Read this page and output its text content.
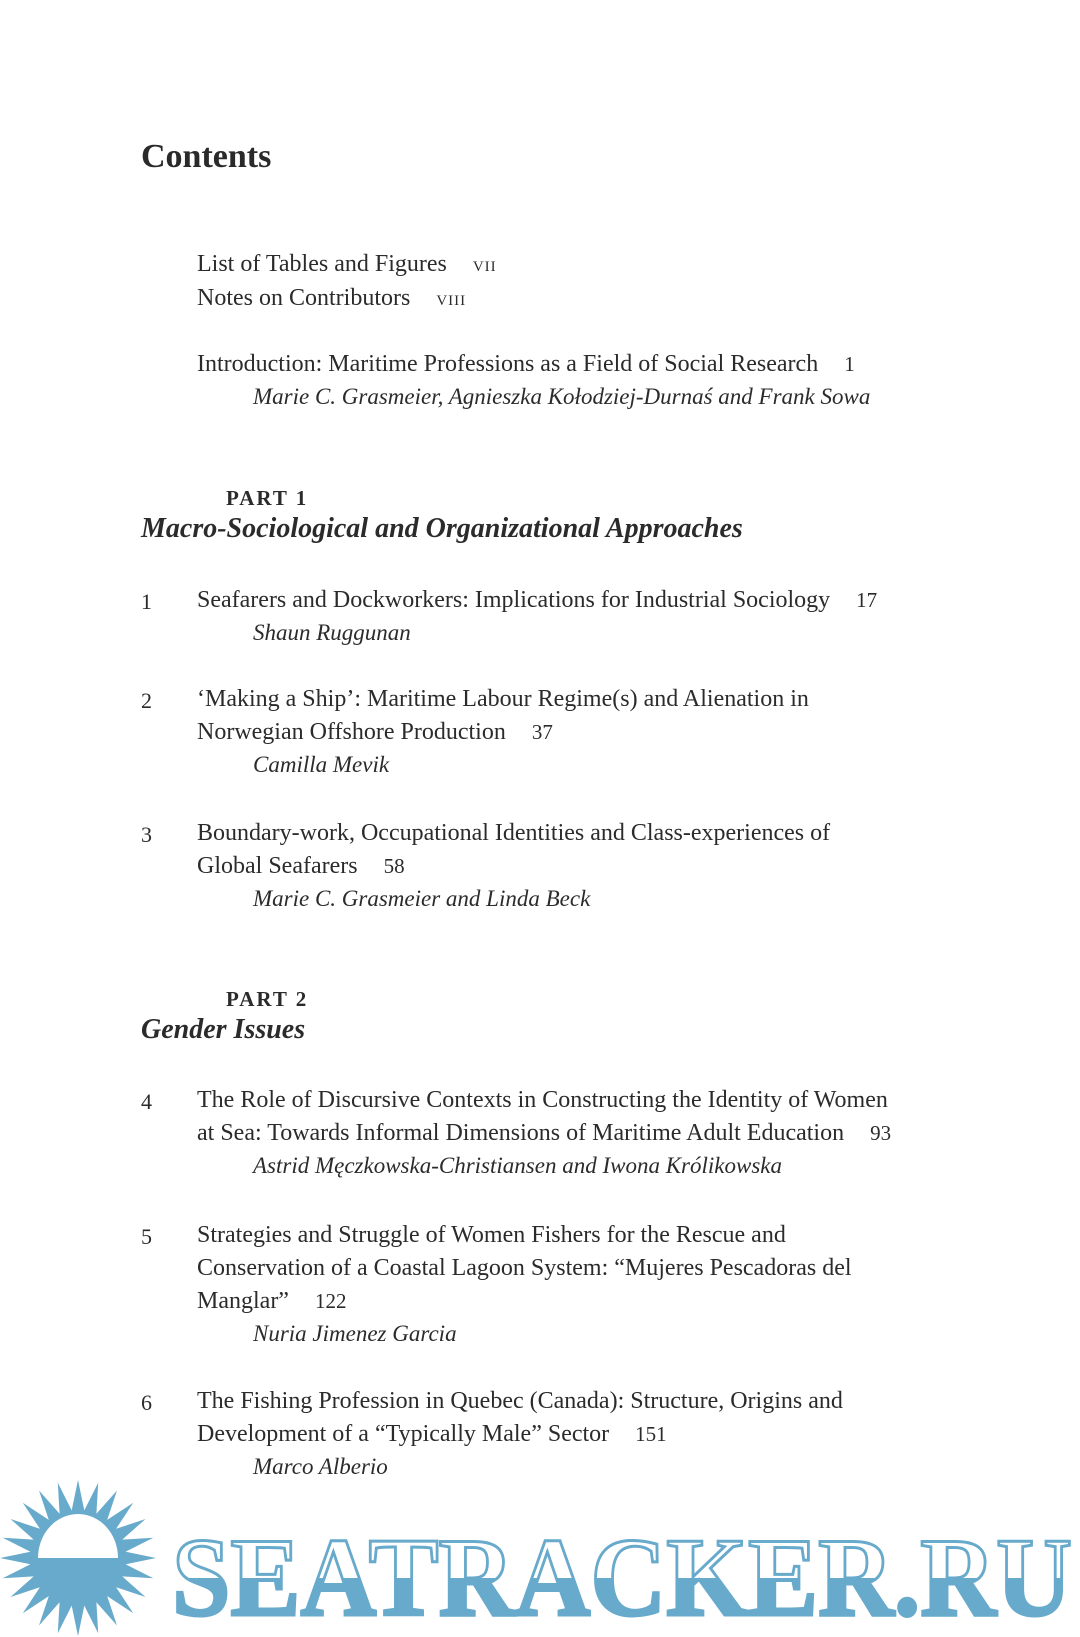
Contents
List of Tables and Figures vii
Notes on Contributors viii
Introduction: Maritime Professions as a Field of Social Research 1
Marie C. Grasmeier, Agnieszka Kołodziej-Durnaś and Frank Sowa
PART 1
Macro-Sociological and Organizational Approaches
1 Seafarers and Dockworkers: Implications for Industrial Sociology 17
Shaun Ruggunan
2 ‘Making a Ship’: Maritime Labour Regime(s) and Alienation in
Norwegian Offshore Production 37
Camilla Mevik
3 Boundary-work, Occupational Identities and Class-experiences of
Global Seafarers 58
Marie C. Grasmeier and Linda Beck
4 The Role of Discursive Contexts in Constructing the Identity of Women
at Sea: Towards Informal Dimensions of Maritime Adult Education 93
Astrid Męczkowska-Christiansen and Iwona Królikowska
5 Strategies and Struggle of Women Fishers for the Rescue and
Conservation of a Coastal Lagoon System: “Mujeres Pescadoras del
Manglar” 122
Nuria Jimenez Garcia
6 The Fishing Profession in Quebec (Canada): Structure, Origins and
Development of a “Typically Male” Sector 151
Marco Alberio
PART 2
Gender Issues
SEATRACKER.RU
